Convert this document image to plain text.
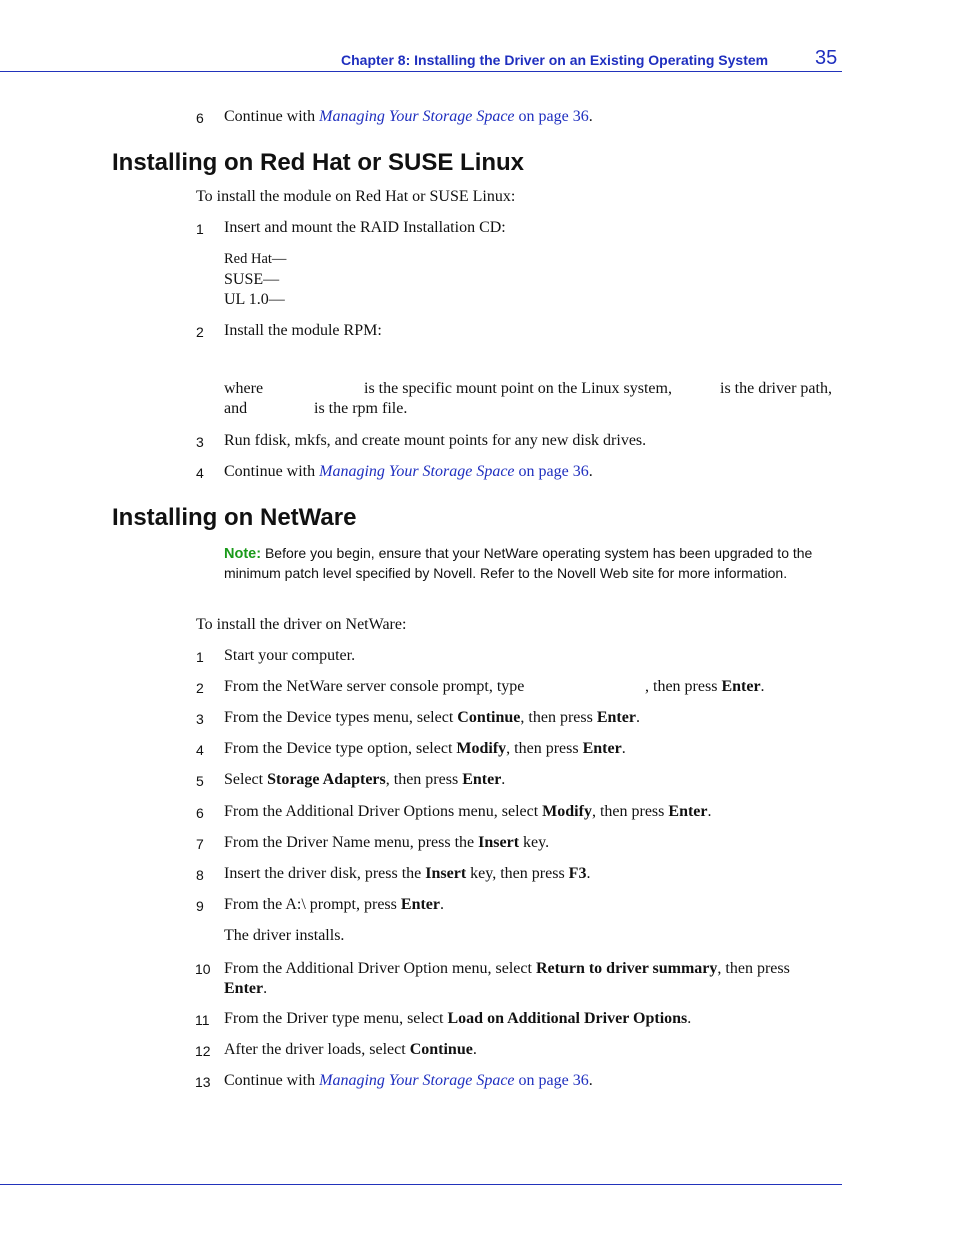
Chapter 8: Installing the Driver on an Existing Operating System 35
6	Continue with Managing Your Storage Space on page 36.
Installing on Red Hat or SUSE Linux
To install the module on Red Hat or SUSE Linux:
1	Insert and mount the RAID Installation CD:
Red Hat—
SUSE—
UL 1.0—
2	Install the module RPM:
where	is the specific mount point on the Linux system,	is the driver path,
and	is the rpm file.
3	Run fdisk, mkfs, and create mount points for any new disk drives.
4	Continue with Managing Your Storage Space on page 36.
Installing on NetWare
Note: Before you begin, ensure that your NetWare operating system has been upgraded to the minimum patch level specified by Novell. Refer to the Novell Web site for more information.
To install the driver on NetWare:
1	Start your computer.
2	From the NetWare server console prompt, type	, then press Enter.
3	From the Device types menu, select Continue, then press Enter.
4	From the Device type option, select Modify, then press Enter.
5	Select Storage Adapters, then press Enter.
6	From the Additional Driver Options menu, select Modify, then press Enter.
7	From the Driver Name menu, press the Insert key.
8	Insert the driver disk, press the Insert key, then press F3.
9	From the A:\ prompt, press Enter.
The driver installs.
10 From the Additional Driver Option menu, select Return to driver summary, then press Enter.
11 From the Driver type menu, select Load on Additional Driver Options.
12 After the driver loads, select Continue.
13 Continue with Managing Your Storage Space on page 36.
